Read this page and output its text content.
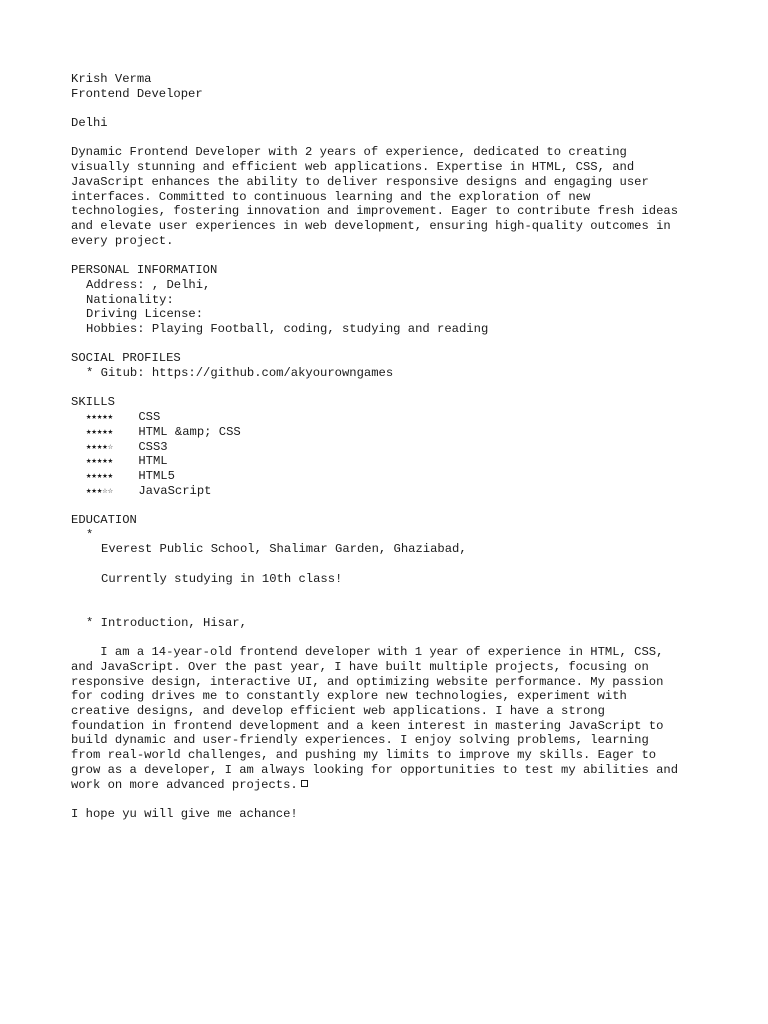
Krish Verma
Frontend Developer
Delhi
Dynamic Frontend Developer with 2 years of experience, dedicated to creating
visually stunning and efficient web applications. Expertise in HTML, CSS, and
JavaScript enhances the ability to deliver responsive designs and engaging user
interfaces. Committed to continuous learning and the exploration of new
technologies, fostering innovation and improvement. Eager to contribute fresh ideas
and elevate user experiences in web development, ensuring high-quality outcomes in
every project.
PERSONAL INFORMATION
Address: , Delhi,
Nationality:
Driving License:
Hobbies: Playing Football, coding, studying and reading
SOCIAL PROFILES
* Gitub: https://github.com/akyourowngames
SKILLS
★★★★★ CSS
★★★★★ HTML &amp; CSS
★★★★☆ CSS3
★★★★★ HTML
★★★★★ HTML5
★★★☆☆ JavaScript
EDUCATION
*
Everest Public School, Shalimar Garden, Ghaziabad,
Currently studying in 10th class!
* Introduction, Hisar,
I am a 14-year-old frontend developer with 1 year of experience in HTML, CSS,
and JavaScript. Over the past year, I have built multiple projects, focusing on
responsive design, interactive UI, and optimizing website performance. My passion
for coding drives me to constantly explore new technologies, experiment with
creative designs, and develop efficient web applications. I have a strong
foundation in frontend development and a keen interest in mastering JavaScript to
build dynamic and user-friendly experiences. I enjoy solving problems, learning
from real-world challenges, and pushing my limits to improve my skills. Eager to
grow as a developer, I am always looking for opportunities to test my abilities and
work on more advanced projects.
I hope yu will give me achance!
